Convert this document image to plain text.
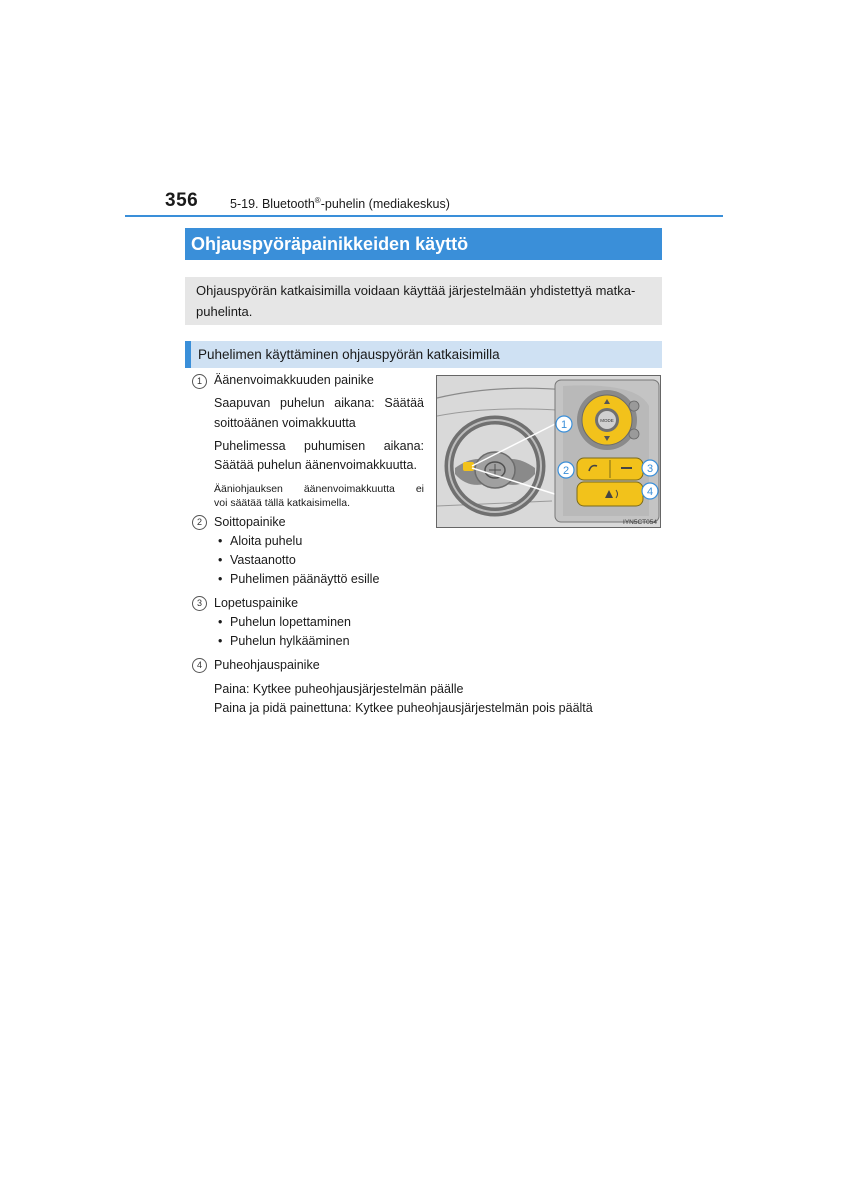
356	5-19. Bluetooth®-puhelin (mediakeskus)
Ohjauspyöräpainikkeiden käyttö
Ohjauspyörän katkaisimilla voidaan käyttää järjestelmään yhdistettyä matka-
puhelinta.
Puhelimen käyttäminen ohjauspyörän katkaisimilla
1 Äänenvoimakkuuden painike
Saapuvan puhelun aikana: Säätää
soittoäänen voimakkuutta
Puhelimessa puhumisen aikana:
Säätää puhelun äänenvoimakkuutta.
Ääniohjauksen äänenvoimakkuutta ei
voi säätää tällä katkaisimella.
2 Soittopainike
• Aloita puhelu
• Vastaanotto
• Puhelimen päänäyttö esille
3 Lopetuspainike
• Puhelun lopettaminen
• Puhelun hylkääminen
4 Puheohjauspainike
Paina: Kytkee puheohjausjärjestelmän päälle
Paina ja pidä painettuna: Kytkee puheohjausjärjestelmän pois päältä
MODE
1
2	3
4
IYN5CT054
